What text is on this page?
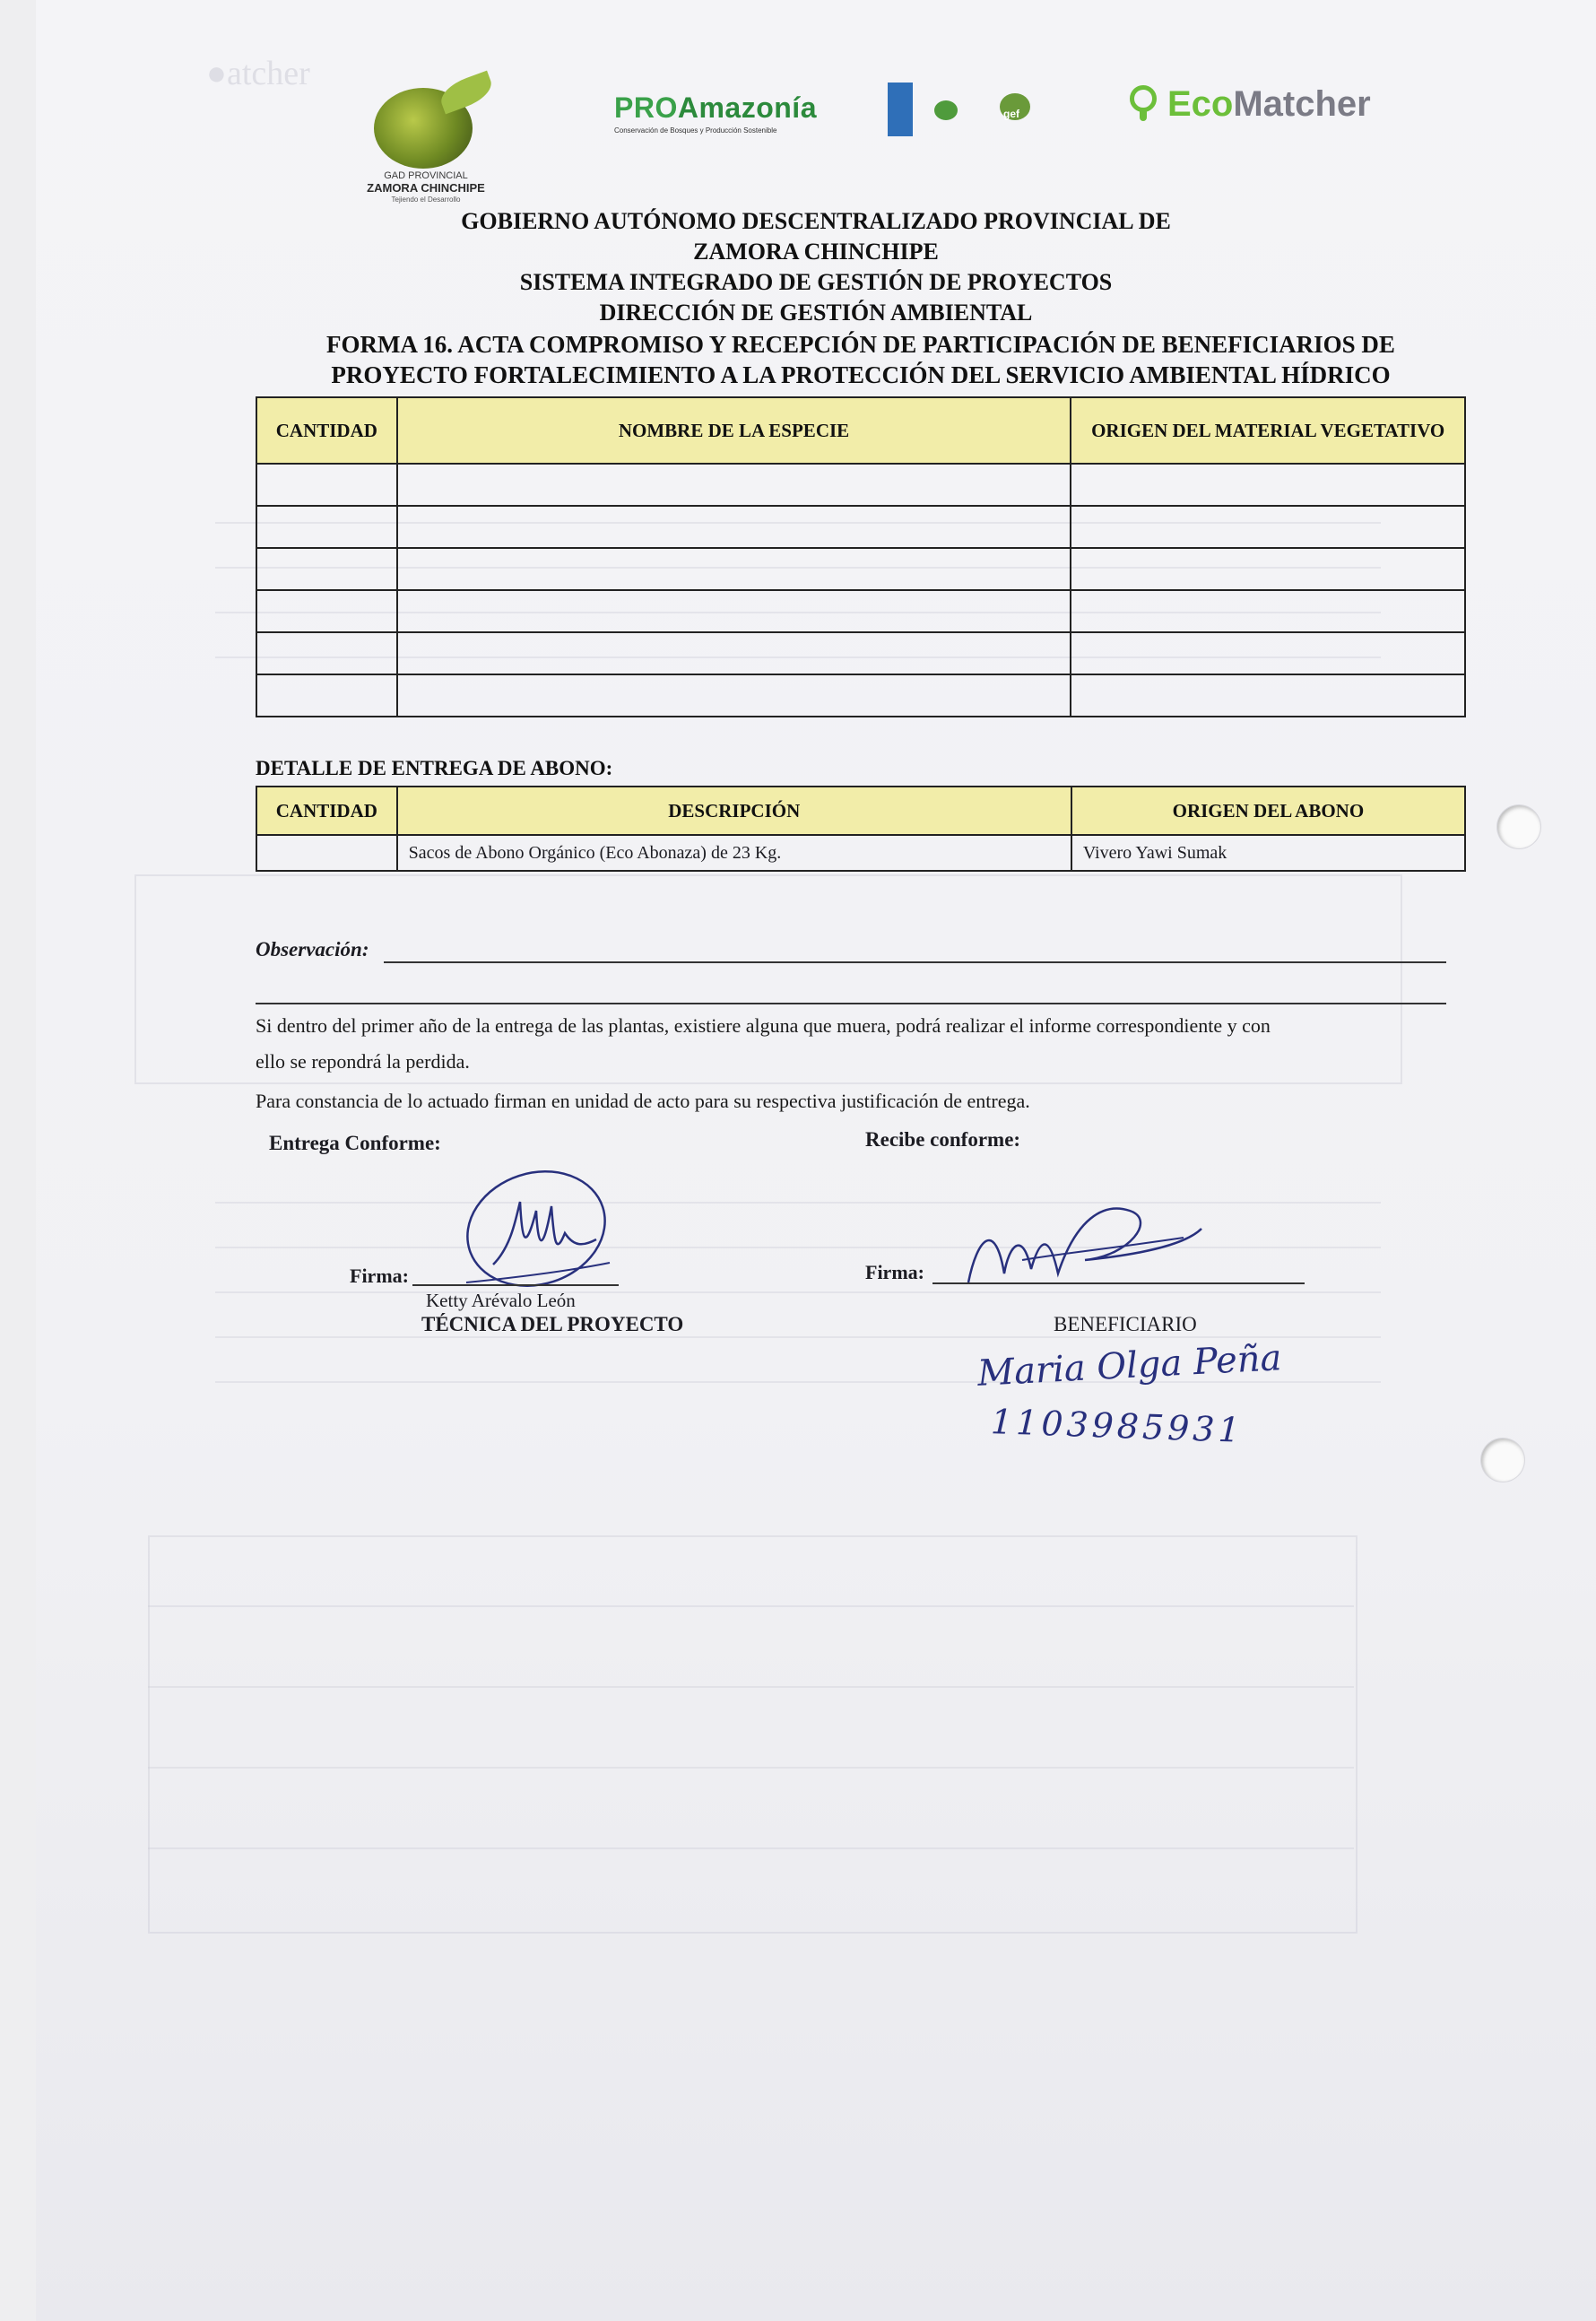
●atcher
GAD PROVINCIAL
ZAMORA CHINCHIPE
Tejiendo el Desarrollo
PROAmazonía
Conservación de Bosques y Producción Sostenible
gef	EcoMatcher
GOBIERNO AUTÓNOMO DESCENTRALIZADO PROVINCIAL DE
ZAMORA CHINCHIPE
SISTEMA INTEGRADO DE GESTIÓN DE PROYECTOS
DIRECCIÓN DE GESTIÓN AMBIENTAL
FORMA 16. ACTA COMPROMISO Y RECEPCIÓN DE PARTICIPACIÓN DE BENEFICIARIOS DE
PROYECTO FORTALECIMIENTO A LA PROTECCIÓN DEL SERVICIO AMBIENTAL HÍDRICO
CANTIDAD	NOMBRE DE LA ESPECIE	ORIGEN DEL MATERIAL VEGETATIVO

DETALLE DE ENTREGA DE ABONO:
CANTIDAD	DESCRIPCIÓN	ORIGEN DEL ABONO
	Sacos de Abono Orgánico (Eco Abonaza) de 23 Kg.	Vivero Yawi Sumak
Observación:
Si dentro del primer año de la entrega de las plantas, existiere alguna que muera, podrá realizar el informe correspondiente y con
ello se repondrá la perdida.
Para constancia de lo actuado firman en unidad de acto para su respectiva justificación de entrega.
Entrega Conforme:	Recibe conforme:
Firma:
Ketty Arévalo León
TÉCNICA DEL PROYECTO
Firma:
BENEFICIARIO
Maria Olga Peña
1103985931
